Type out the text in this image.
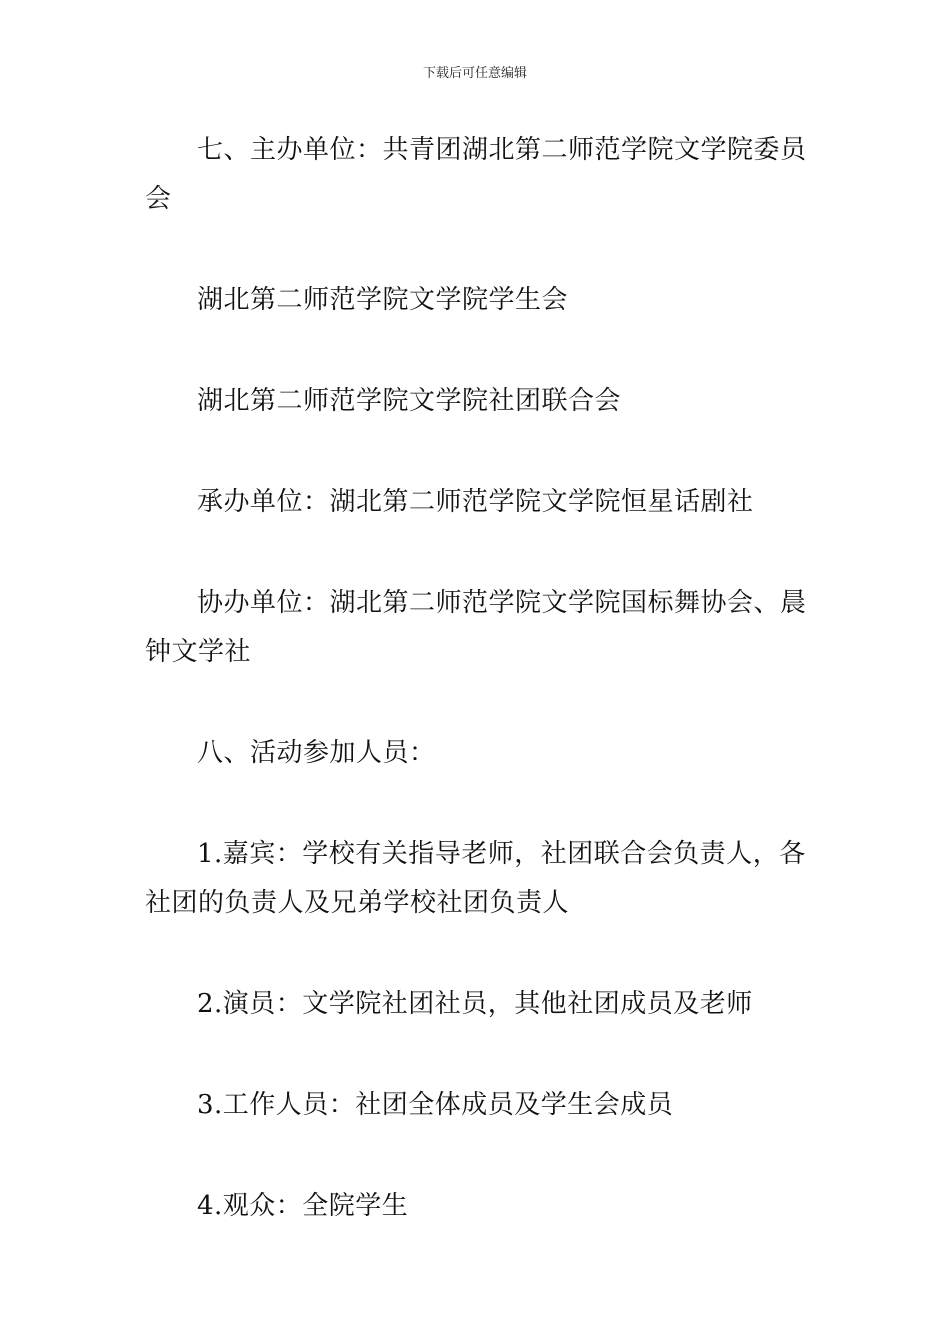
下载后可任意编辑

七、主办单位：共青团湖北第二师范学院文学院委员会

湖北第二师范学院文学院学生会

湖北第二师范学院文学院社团联合会

承办单位：湖北第二师范学院文学院恒星话剧社

协办单位：湖北第二师范学院文学院国标舞协会、晨钟文学社

八、活动参加人员：

1.嘉宾：学校有关指导老师，社团联合会负责人，各社团的负责人及兄弟学校社团负责人

2.演员：文学院社团社员，其他社团成员及老师

3.工作人员：社团全体成员及学生会成员

4.观众：全院学生
